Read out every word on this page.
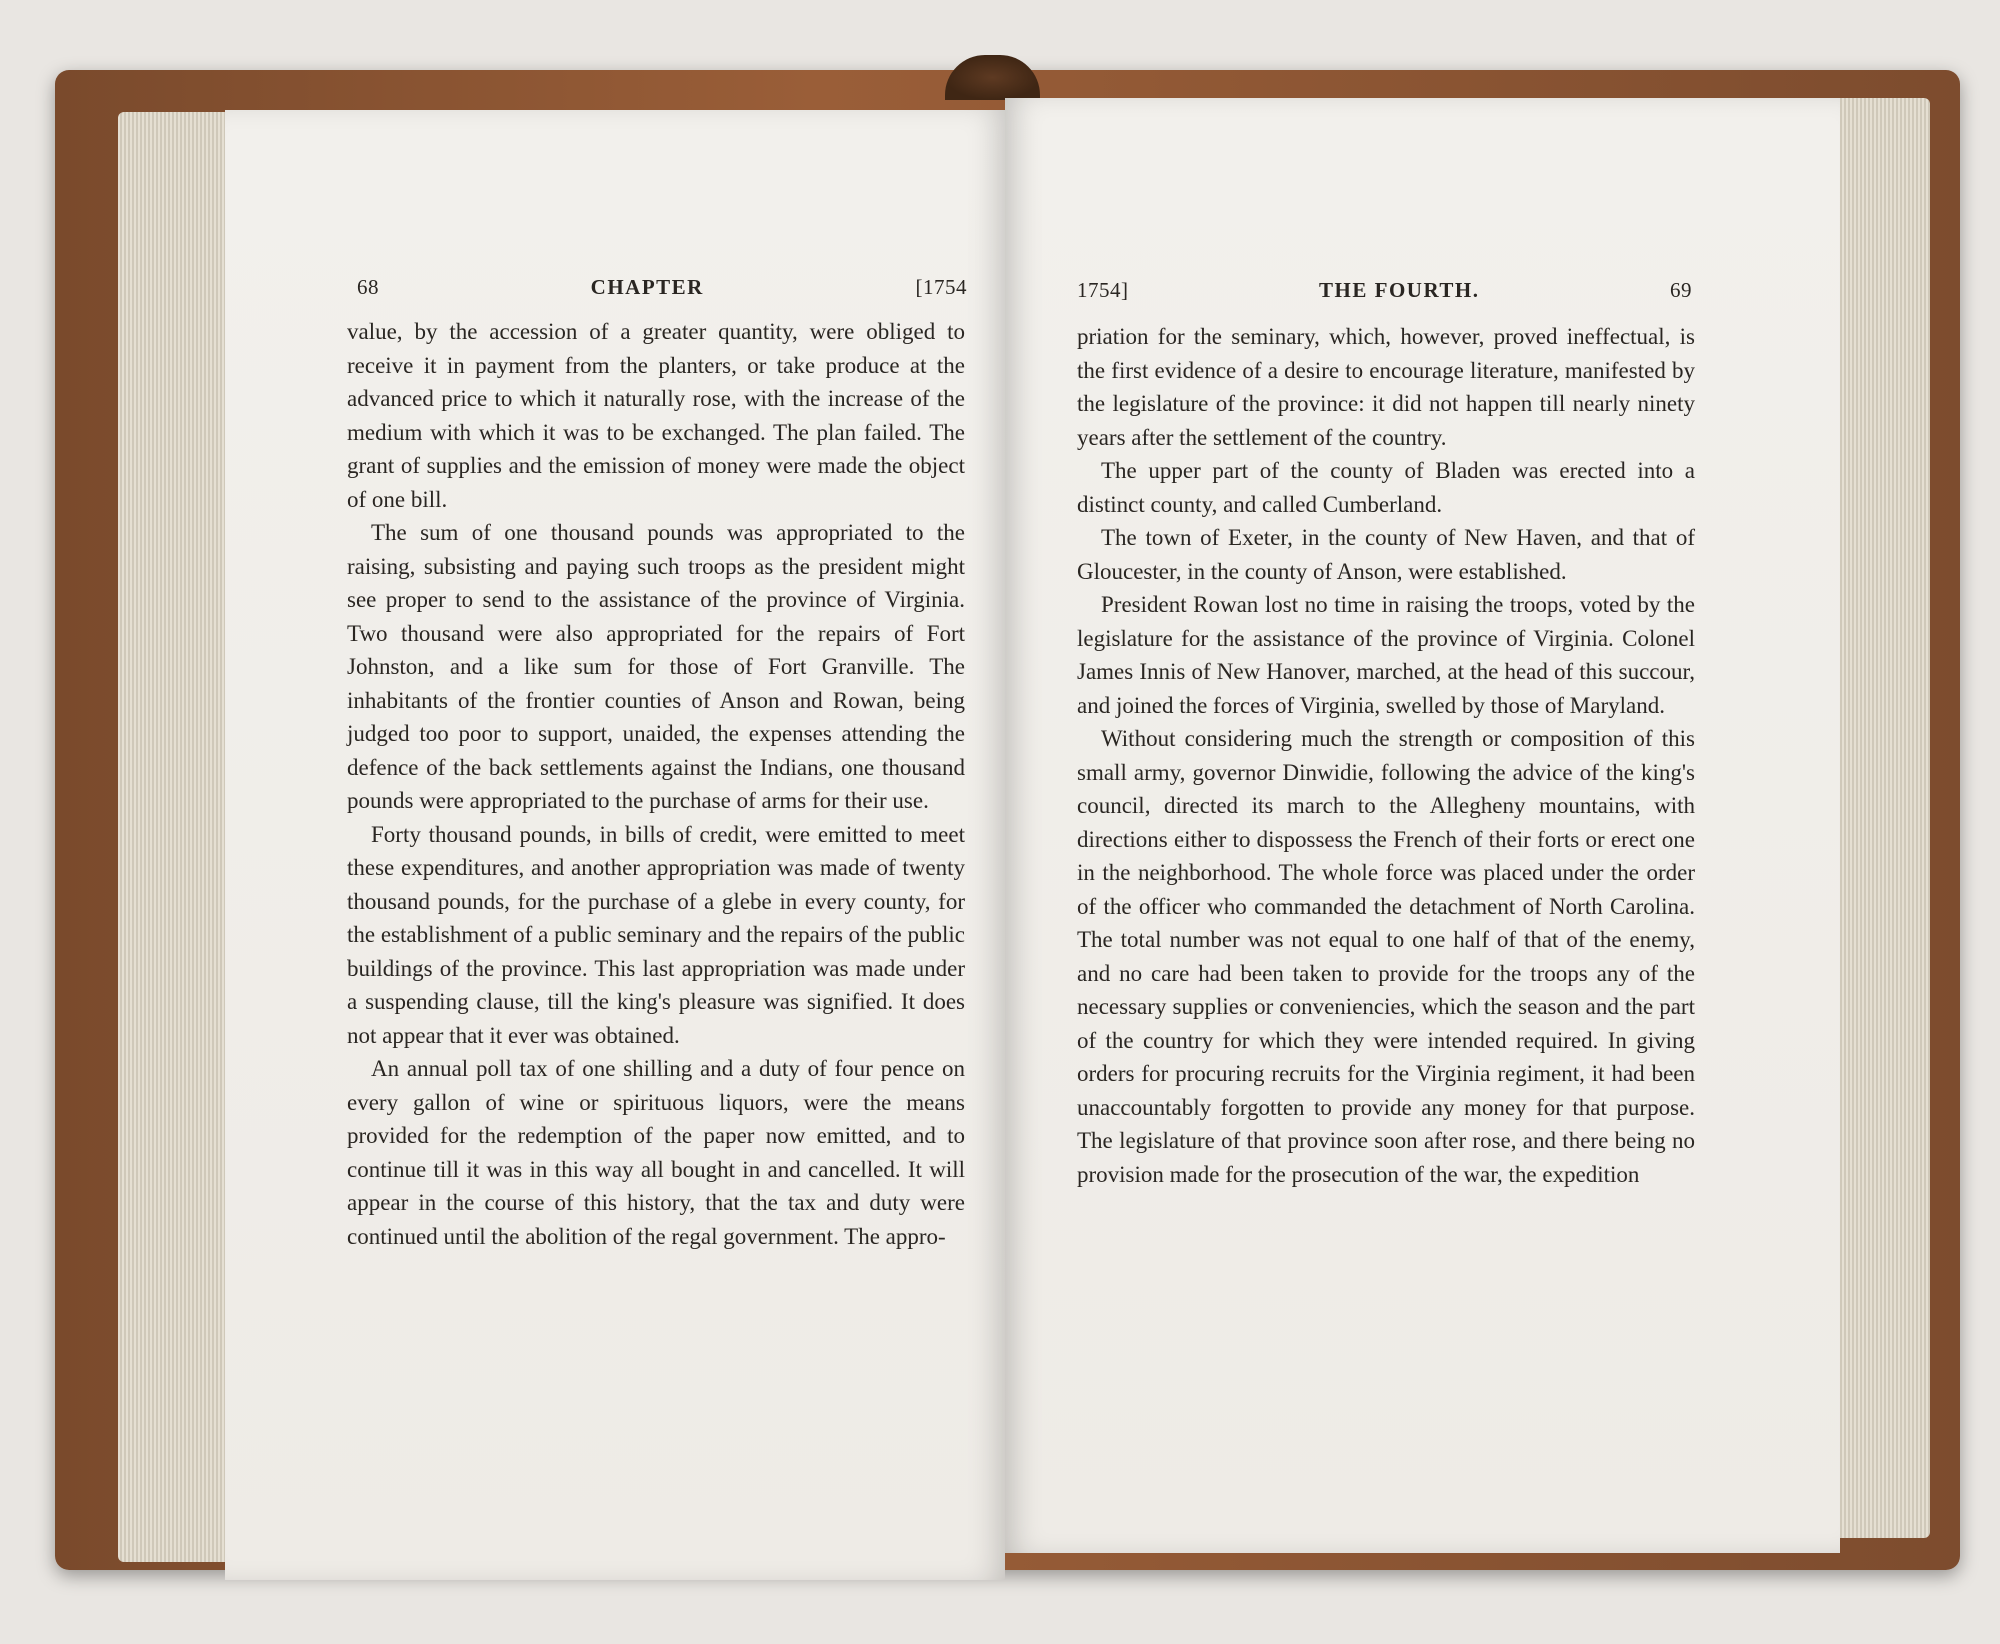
68	CHAPTER	[1754

value, by the accession of a greater quantity, were obliged to receive it in payment from the planters, or take produce at the advanced price to which it naturally rose, with the increase of the medium with which it was to be exchanged. The plan failed. The grant of supplies and the emission of money were made the object of one bill.

The sum of one thousand pounds was appropriated to the raising, subsisting and paying such troops as the president might see proper to send to the assistance of the province of Virginia. Two thousand were also appropriated for the repairs of Fort Johnston, and a like sum for those of Fort Granville. The inhabitants of the frontier counties of Anson and Rowan, being judged too poor to support, unaided, the expenses attending the defence of the back settlements against the Indians, one thousand pounds were appropriated to the purchase of arms for their use.

Forty thousand pounds, in bills of credit, were emitted to meet these expenditures, and another appropriation was made of twenty thousand pounds, for the purchase of a glebe in every county, for the establishment of a public seminary and the repairs of the public buildings of the province. This last appropriation was made under a suspending clause, till the king's pleasure was signified. It does not appear that it ever was obtained.

An annual poll tax of one shilling and a duty of four pence on every gallon of wine or spirituous liquors, were the means provided for the redemption of the paper now emitted, and to continue till it was in this way all bought in and cancelled. It will appear in the course of this history, that the tax and duty were continued until the abolition of the regal government. The appro-

1754]	THE FOURTH.	69

priation for the seminary, which, however, proved ineffectual, is the first evidence of a desire to encourage literature, manifested by the legislature of the province: it did not happen till nearly ninety years after the settlement of the country.

The upper part of the county of Bladen was erected into a distinct county, and called Cumberland.

The town of Exeter, in the county of New Haven, and that of Gloucester, in the county of Anson, were established.

President Rowan lost no time in raising the troops, voted by the legislature for the assistance of the province of Virginia. Colonel James Innis of New Hanover, marched, at the head of this succour, and joined the forces of Virginia, swelled by those of Maryland.

Without considering much the strength or composition of this small army, governor Dinwidie, following the advice of the king's council, directed its march to the Allegheny mountains, with directions either to dispossess the French of their forts or erect one in the neighborhood. The whole force was placed under the order of the officer who commanded the detachment of North Carolina. The total number was not equal to one half of that of the enemy, and no care had been taken to provide for the troops any of the necessary supplies or conveniencies, which the season and the part of the country for which they were intended required. In giving orders for procuring recruits for the Virginia regiment, it had been unaccountably forgotten to provide any money for that purpose. The legislature of that province soon after rose, and there being no provision made for the prosecution of the war, the expedition
